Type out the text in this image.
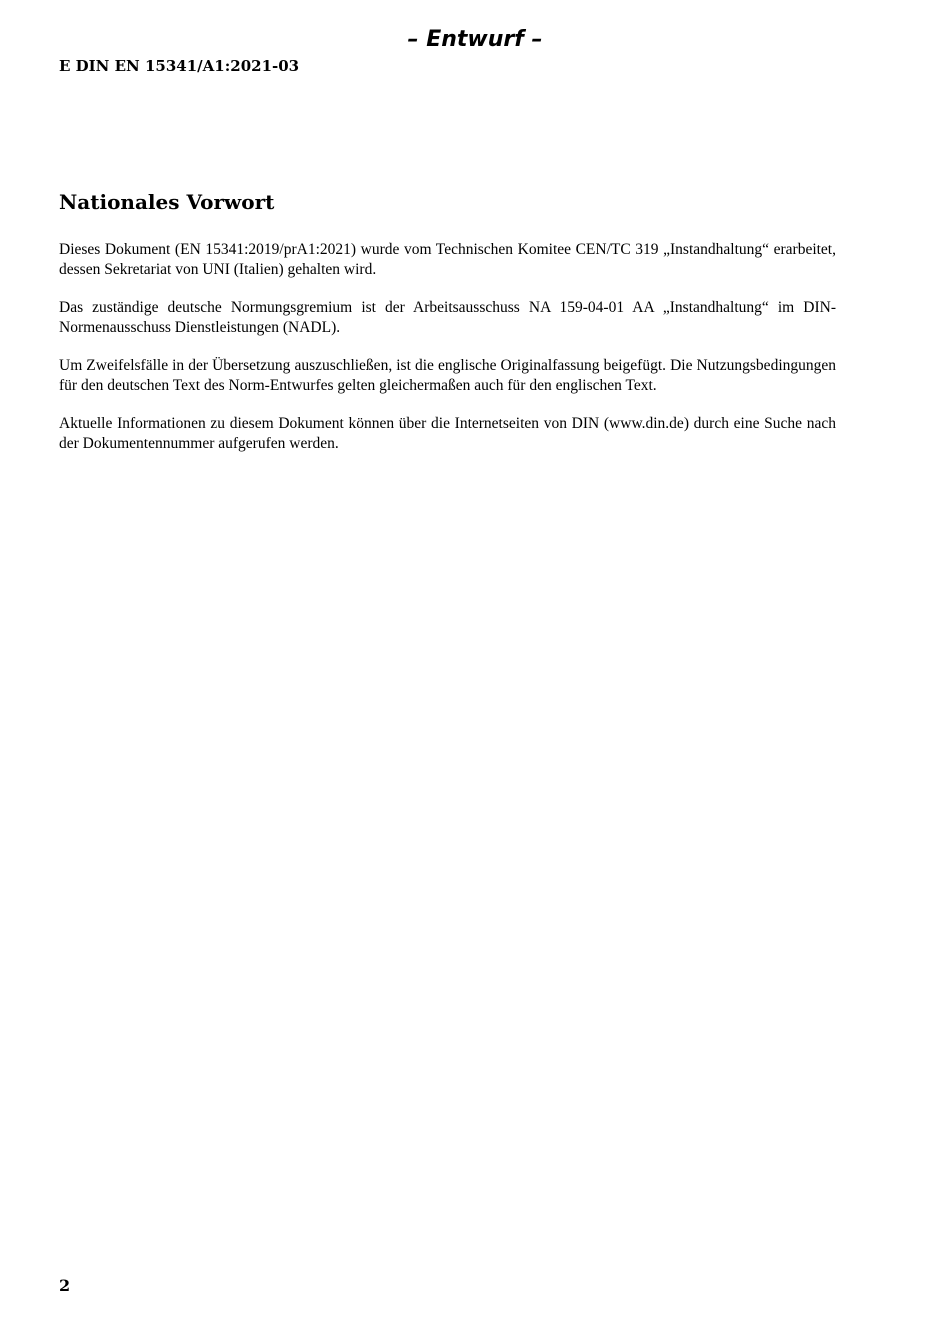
– Entwurf –
E DIN EN 15341/A1:2021-03
Nationales Vorwort

Dieses Dokument (EN 15341:2019/prA1:2021) wurde vom Technischen Komitee CEN/TC 319 „Instandhaltung“ erarbeitet, dessen Sekretariat von UNI (Italien) gehalten wird.

Das zuständige deutsche Normungsgremium ist der Arbeitsausschuss NA 159-04-01 AA „Instandhaltung“ im DIN-Normenausschuss Dienstleistungen (NADL).

Um Zweifelsfälle in der Übersetzung auszuschließen, ist die englische Originalfassung beigefügt. Die Nutzungsbedingungen für den deutschen Text des Norm-Entwurfes gelten gleichermaßen auch für den englischen Text.

Aktuelle Informationen zu diesem Dokument können über die Internetseiten von DIN (www.din.de) durch eine Suche nach der Dokumentennummer aufgerufen werden.

2
